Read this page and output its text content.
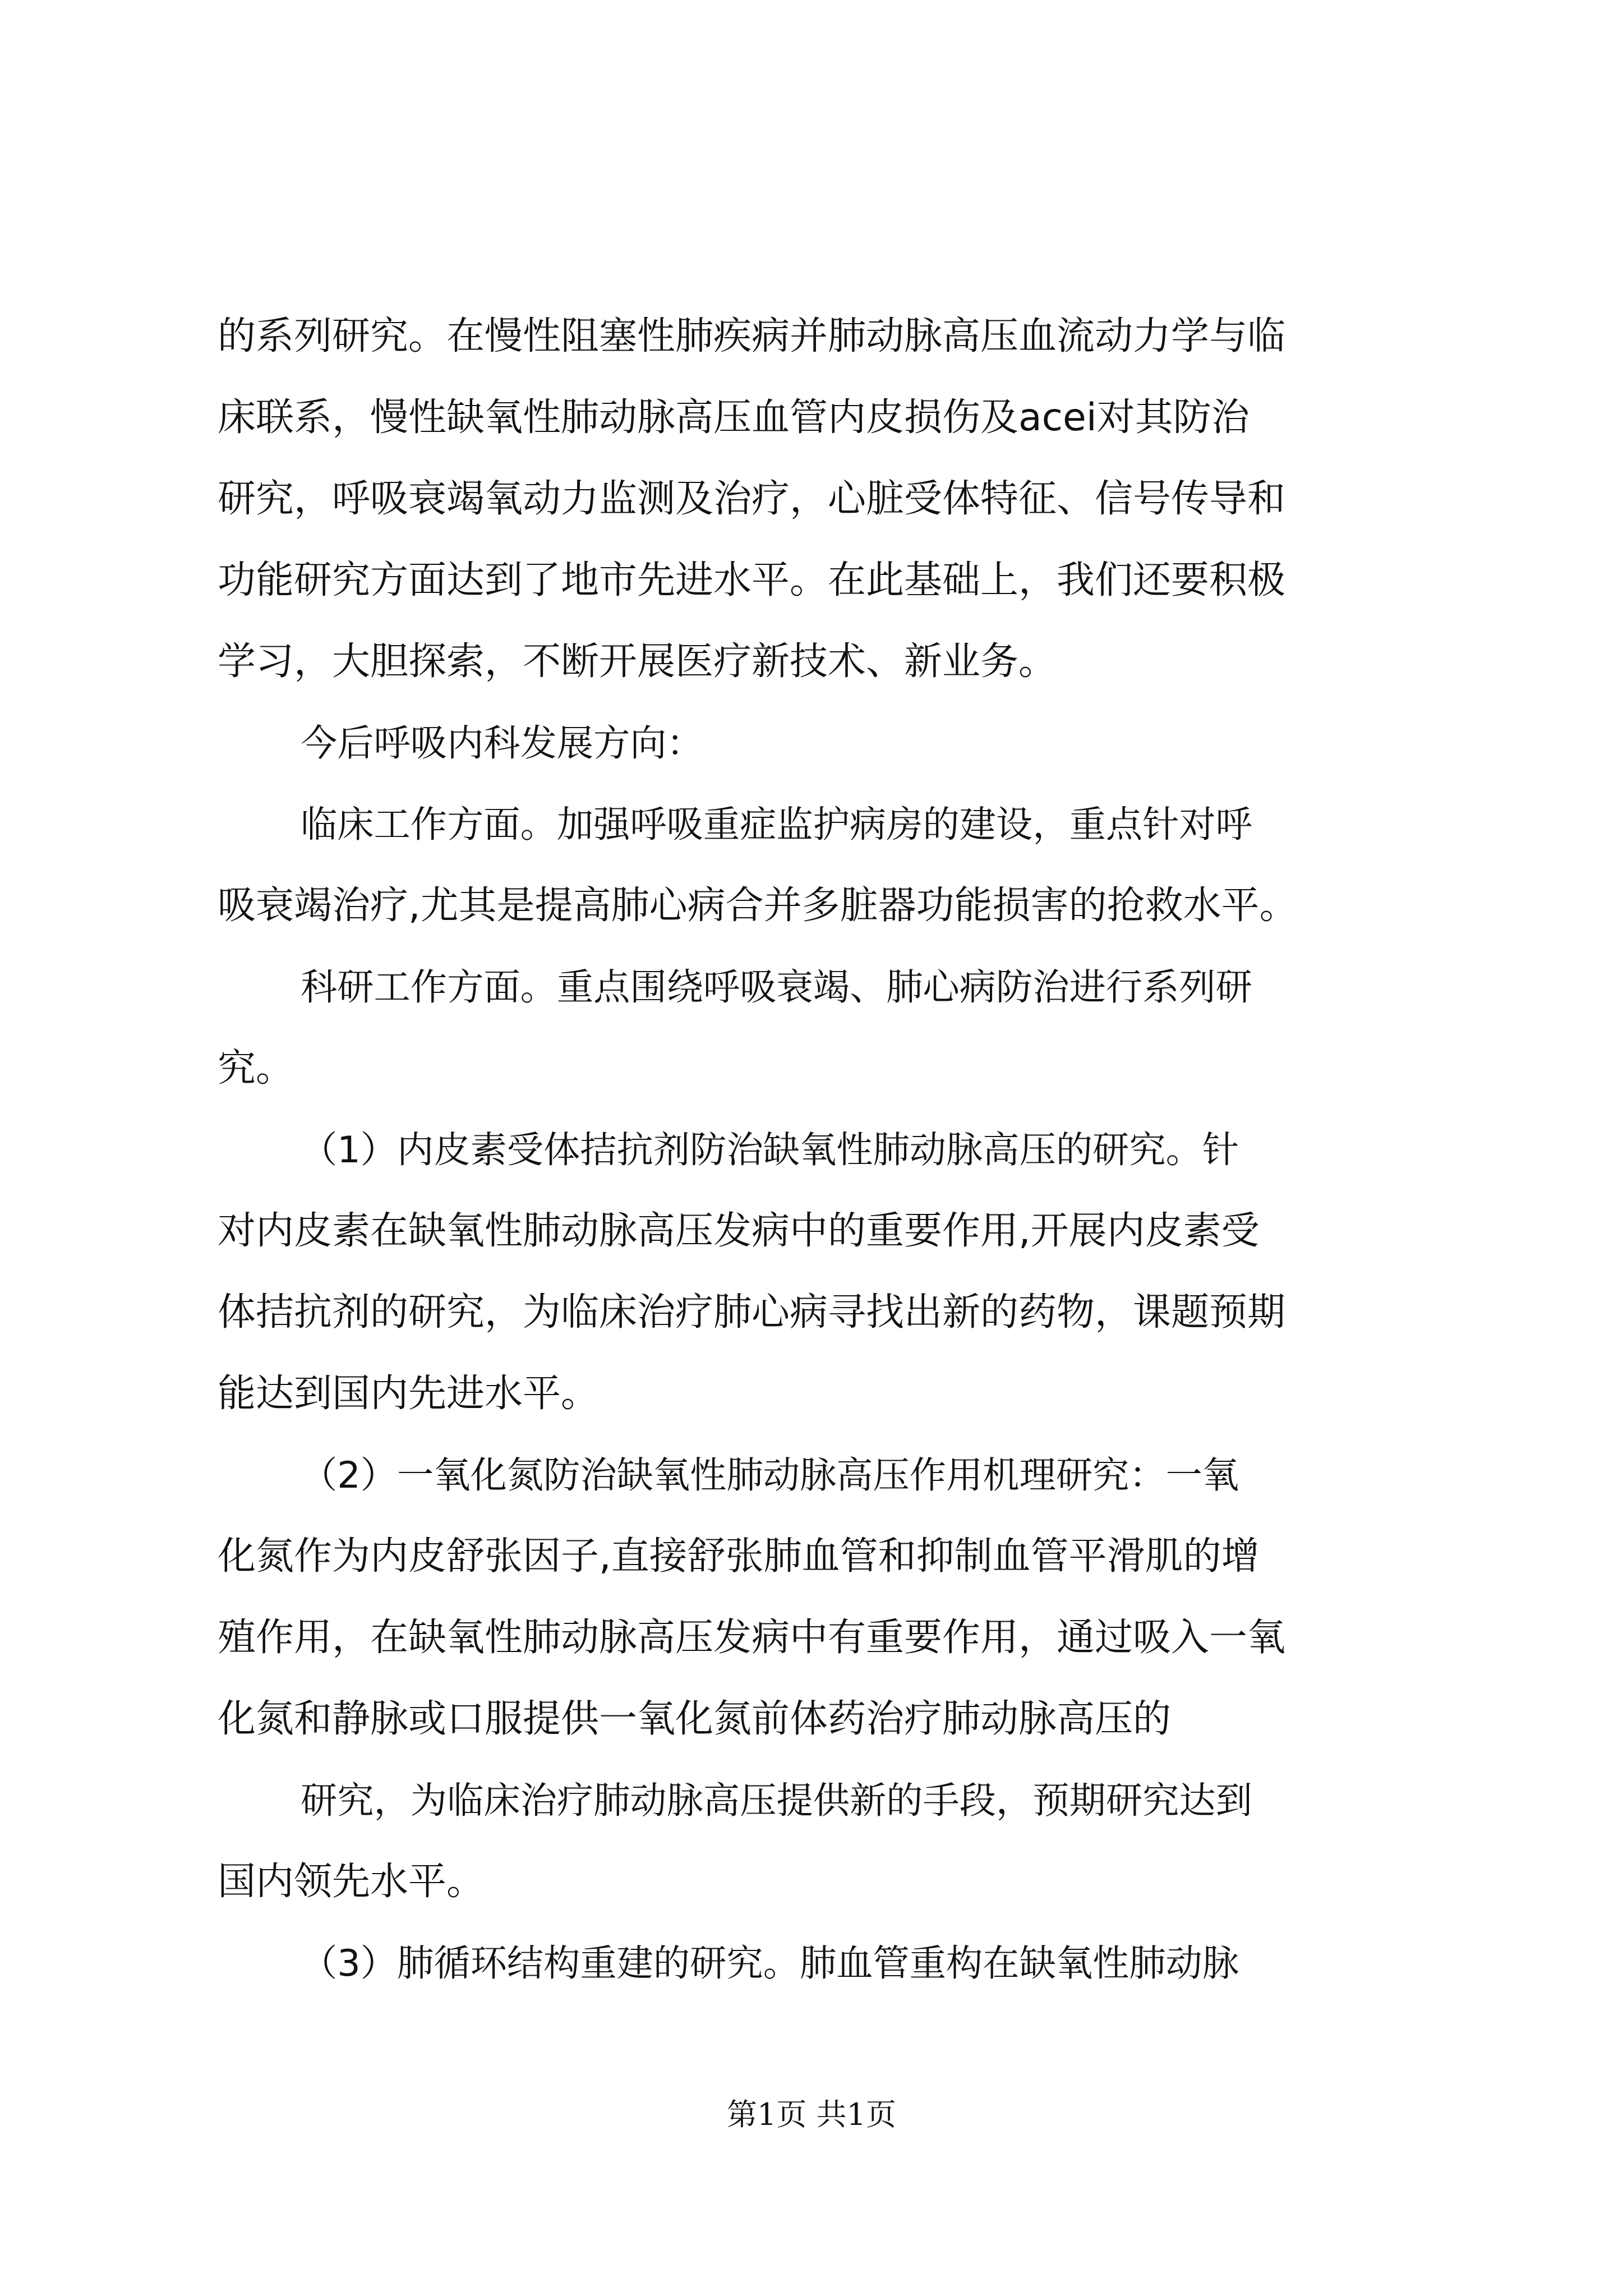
的系列研究。在慢性阻塞性肺疾病并肺动脉高压血流动力学与临
床联系，慢性缺氧性肺动脉高压血管内皮损伤及acei对其防治
研究，呼吸衰竭氧动力监测及治疗，心脏受体特征、信号传导和
功能研究方面达到了地市先进水平。在此基础上，我们还要积极
学习，大胆探索，不断开展医疗新技术、新业务。
今后呼吸内科发展方向：
临床工作方面。加强呼吸重症监护病房的建设，重点针对呼
吸衰竭治疗,尤其是提高肺心病合并多脏器功能损害的抢救水平。
科研工作方面。重点围绕呼吸衰竭、肺心病防治进行系列研
究。
（1）内皮素受体拮抗剂防治缺氧性肺动脉高压的研究。针
对内皮素在缺氧性肺动脉高压发病中的重要作用,开展内皮素受
体拮抗剂的研究，为临床治疗肺心病寻找出新的药物，课题预期
能达到国内先进水平。
（2）一氧化氮防治缺氧性肺动脉高压作用机理研究：一氧
化氮作为内皮舒张因子,直接舒张肺血管和抑制血管平滑肌的增
殖作用，在缺氧性肺动脉高压发病中有重要作用，通过吸入一氧
化氮和静脉或口服提供一氧化氮前体药治疗肺动脉高压的
研究，为临床治疗肺动脉高压提供新的手段，预期研究达到
国内领先水平。
（3）肺循环结构重建的研究。肺血管重构在缺氧性肺动脉
第1页 共1页
